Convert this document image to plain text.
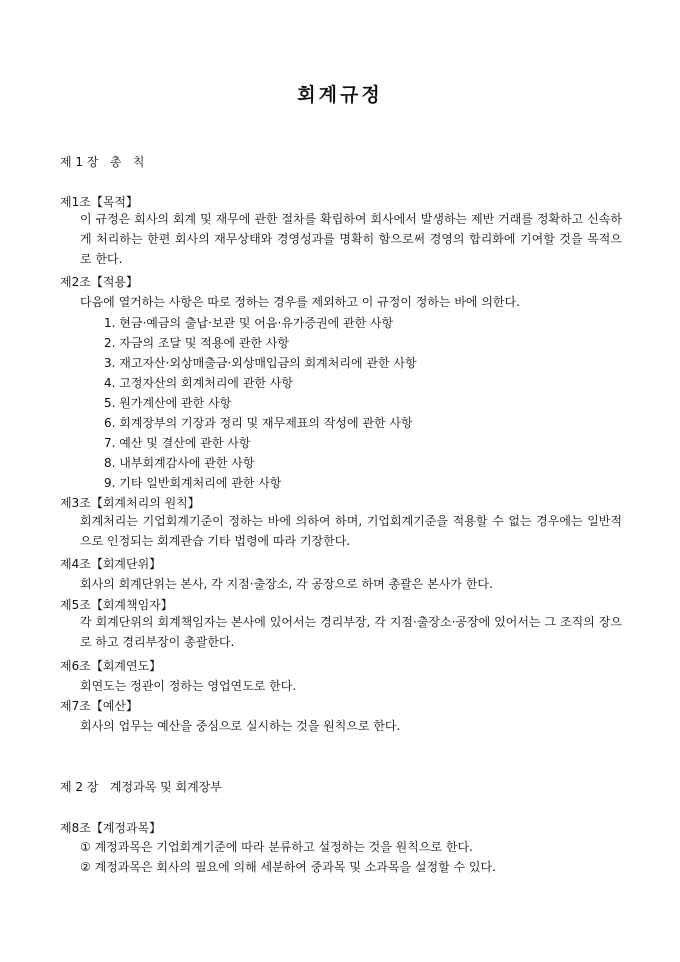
회계규정
제 1 장   총   칙
제1조【목적】
이 규정은 회사의 회계 및 재무에 관한 절차를 확립하여 회사에서 발생하는 제반 거래를 정확하고 신속하게 처리하는 한편 회사의 재무상태와 경영성과를 명확히 함으로써 경영의 합리화에 기여할 것을 목적으로 한다.
제2조【적용】
다음에 열거하는 사항은 따로 정하는 경우를 제외하고 이 규정이 정하는 바에 의한다.
1. 현금·예금의 출납·보관 및 어음·유가증권에 관한 사항
2. 자금의 조달 및 적용에 관한 사항
3. 재고자산·외상매출금·외상매입금의 회계처리에 관한 사항
4. 고정자산의 회계처리에 관한 사항
5. 원가계산에 관한 사항
6. 회계장부의 기장과 정리 및 재무제표의 작성에 관한 사항
7. 예산 및 결산에 관한 사항
8. 내부회계감사에 관한 사항
9. 기타 일반회계처리에 관한 사항
제3조【회계처리의 원칙】
회계처리는 기업회계기준이 정하는 바에 의하여 하며, 기업회계기준을 적용할 수 없는 경우에는 일반적으로 인정되는 회계관습 기타 법령에 따라 기장한다.
제4조【회계단위】
회사의 회계단위는 본사, 각 지점·출장소, 각 공장으로 하며 총괄은 본사가 한다.
제5조【회계책임자】
각 회계단위의 회계책임자는 본사에 있어서는 경리부장, 각 지점·출장소·공장에 있어서는 그 조직의 장으로 하고 경리부장이 총괄한다.
제6조【회계연도】
회연도는 정관이 정하는 영업연도로 한다.
제7조【예산】
회사의 업무는 예산을 중심으로 실시하는 것을 원칙으로 한다.
제 2 장   계정과목 및 회계장부
제8조【계정과목】
① 계정과목은 기업회계기준에 따라 분류하고 설정하는 것을 원칙으로 한다.
② 계정과목은 회사의 필요에 의해 세분하여 중과목 및 소과목을 설정할 수 있다.
